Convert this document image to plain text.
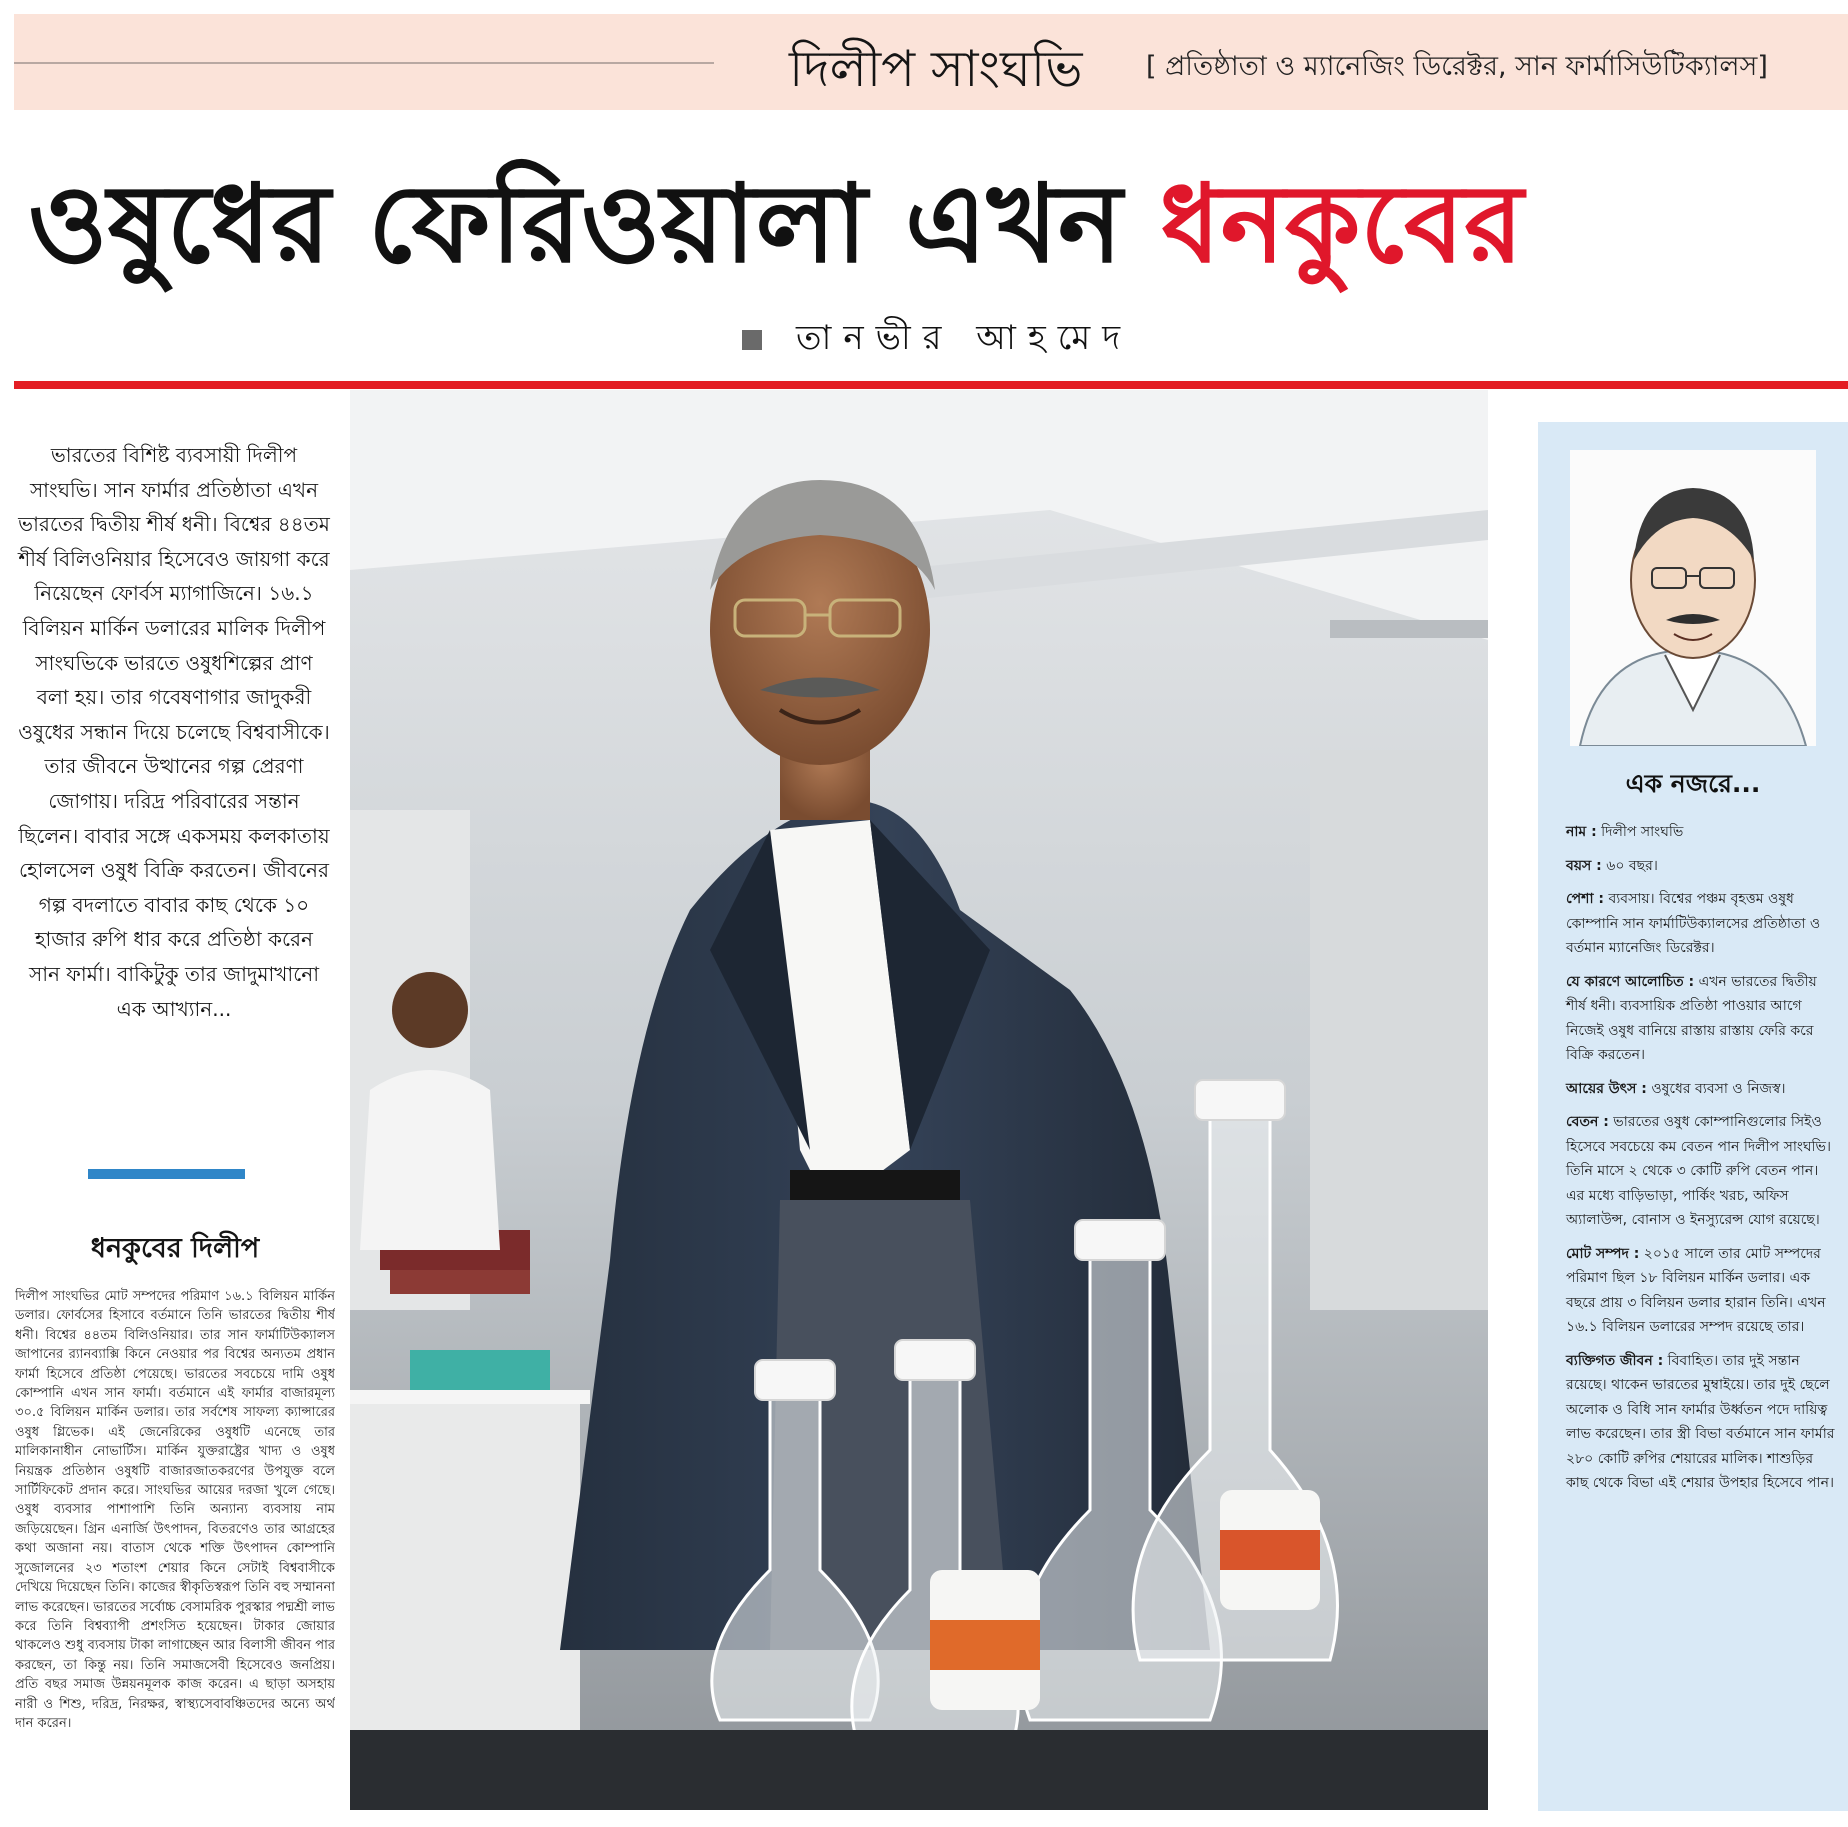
দিলীপ সাংঘভি [ প্রতিষ্ঠাতা ও ম্যানেজিং ডিরেক্টর, সান ফার্মাসিউটিক্যালস]
ওষুধের ফেরিওয়ালা এখন ধনকুবের
তানভীর আহমেদ

ভারতের বিশিষ্ট ব্যবসায়ী দিলীপ সাংঘভি। সান ফার্মার প্রতিষ্ঠাতা এখন ভারতের দ্বিতীয় শীর্ষ ধনী। বিশ্বের ৪৪তম শীর্ষ বিলিওনিয়ার হিসেবেও জায়গা করে নিয়েছেন ফোর্বস ম্যাগাজিনে। ১৬.১ বিলিয়ন মার্কিন ডলারের মালিক দিলীপ সাংঘভিকে ভারতে ওষুধশিল্পের প্রাণ বলা হয়। তার গবেষণাগার জাদুকরী ওষুধের সন্ধান দিয়ে চলেছে বিশ্ববাসীকে। তার জীবনে উত্থানের গল্প প্রেরণা জোগায়। দরিদ্র পরিবারের সন্তান ছিলেন। বাবার সঙ্গে একসময় কলকাতায় হোলসেল ওষুধ বিক্রি করতেন। জীবনের গল্প বদলাতে বাবার কাছ থেকে ১০ হাজার রুপি ধার করে প্রতিষ্ঠা করেন সান ফার্মা। বাকিটুকু তার জাদুমাখানো এক আখ্যান...

ধনকুবের দিলীপ

দিলীপ সাংঘভির মোট সম্পদের পরিমাণ ১৬.১ বিলিয়ন মার্কিন ডলার। ফোর্বসের হিসাবে বর্তমানে তিনি ভারতের দ্বিতীয় শীর্ষ ধনী। বিশ্বের ৪৪তম বিলিওনিয়ার। তার সান ফার্মাটিউক্যালস জাপানের র‍্যানব্যাক্সি কিনে নেওয়ার পর বিশ্বের অন্যতম প্রধান ফার্মা হিসেবে প্রতিষ্ঠা পেয়েছে। ভারতের সবচেয়ে দামি ওষুধ কোম্পানি এখন সান ফার্মা। বর্তমানে এই ফার্মার বাজারমূল্য ৩০.৫ বিলিয়ন মার্কিন ডলার। তার সর্বশেষ সাফল্য ক্যান্সারের ওষুধ গ্লিভেক। এই জেনেরিকের ওষুধটি এনেছে তার মালিকানাধীন নোভার্টিস। মার্কিন যুক্তরাষ্ট্রের খাদ্য ও ওষুধ নিয়ন্ত্রক প্রতিষ্ঠান ওষুধটি বাজারজাতকরণের উপযুক্ত বলে সার্টিফিকেট প্রদান করে। সাংঘভির আয়ের দরজা খুলে গেছে। ওষুধ ব্যবসার পাশাপাশি তিনি অন্যান্য ব্যবসায় নাম জড়িয়েছেন। গ্রিন এনার্জি উৎপাদন, বিতরণেও তার আগ্রহের কথা অজানা নয়। বাতাস থেকে শক্তি উৎপাদন কোম্পানি সুজোলনের ২৩ শতাংশ শেয়ার কিনে সেটাই বিশ্ববাসীকে দেখিয়ে দিয়েছেন তিনি। কাজের স্বীকৃতিস্বরূপ তিনি বহু সম্মাননা লাভ করেছেন। ভারতের সর্বোচ্চ বেসামরিক পুরস্কার পদ্মশ্রী লাভ করে তিনি বিশ্বব্যাপী প্রশংসিত হয়েছেন। টাকার জোয়ার থাকলেও শুধু ব্যবসায় টাকা লাগাচ্ছেন আর বিলাসী জীবন পার করছেন, তা কিন্তু নয়। তিনি সমাজসেবী হিসেবেও জনপ্রিয়। প্রতি বছর সমাজ উন্নয়নমূলক কাজ করেন। এ ছাড়া অসহায় নারী ও শিশু, দরিদ্র, নিরক্ষর, স্বাস্থ্যসেবাবঞ্চিতদের অন্যে অর্থ দান করেন।

এক নজরে...

নাম : দিলীপ সাংঘভি

বয়স : ৬০ বছর।

পেশা : ব্যবসায়। বিশ্বের পঞ্চম বৃহত্তম ওষুধ কোম্পানি সান ফার্মাটিউক্যালসের প্রতিষ্ঠাতা ও বর্তমান ম্যানেজিং ডিরেক্টর।

যে কারণে আলোচিত : এখন ভারতের দ্বিতীয় শীর্ষ ধনী। ব্যবসায়িক প্রতিষ্ঠা পাওয়ার আগে নিজেই ওষুধ বানিয়ে রাস্তায় রাস্তায় ফেরি করে বিক্রি করতেন।

আয়ের উৎস : ওষুধের ব্যবসা ও নিজস্ব।

বেতন : ভারতের ওষুধ কোম্পানিগুলোর সিইও হিসেবে সবচেয়ে কম বেতন পান দিলীপ সাংঘভি। তিনি মাসে ২ থেকে ৩ কোটি রুপি বেতন পান। এর মধ্যে বাড়িভাড়া, পার্কিং খরচ, অফিস অ্যালাউন্স, বোনাস ও ইনস্যুরেন্স যোগ রয়েছে।

মোট সম্পদ : ২০১৫ সালে তার মোট সম্পদের পরিমাণ ছিল ১৮ বিলিয়ন মার্কিন ডলার। এক বছরে প্রায় ৩ বিলিয়ন ডলার হারান তিনি। এখন ১৬.১ বিলিয়ন ডলারের সম্পদ রয়েছে তার।

ব্যক্তিগত জীবন : বিবাহিত। তার দুই সন্তান রয়েছে। থাকেন ভারতের মুম্বাইয়ে। তার দুই ছেলে অলোক ও বিধি সান ফার্মার উর্ধ্বতন পদে দায়িত্ব লাভ করেছেন। তার স্ত্রী বিভা বর্তমানে সান ফার্মার ২৮০ কোটি রুপির শেয়ারের মালিক। শাশুড়ির কাছ থেকে বিভা এই শেয়ার উপহার হিসেবে পান।
